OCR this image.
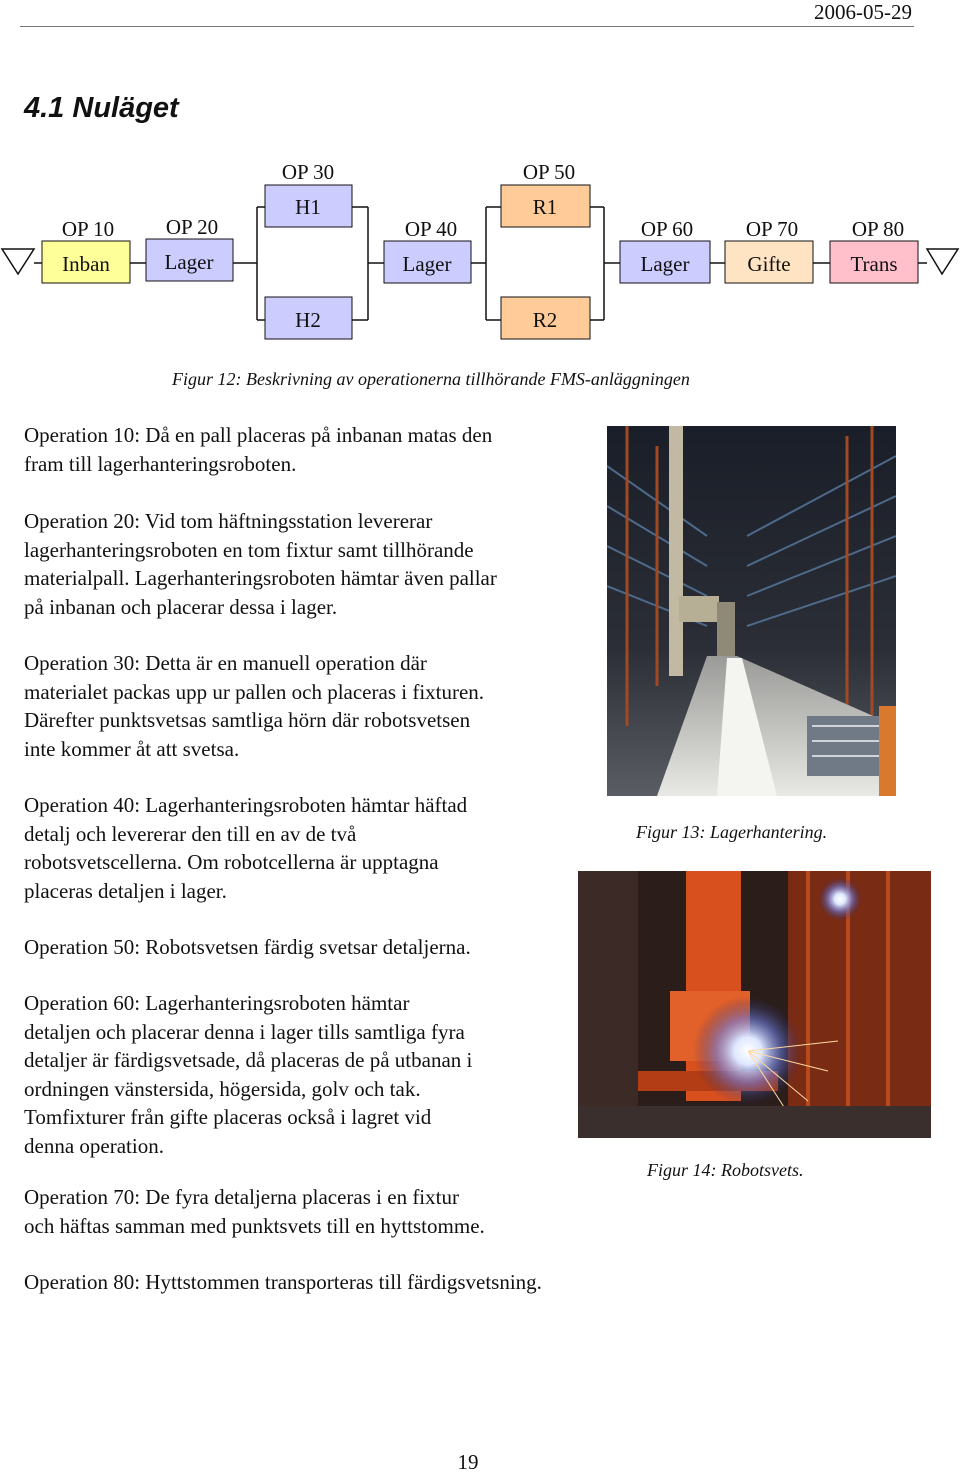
2006-05-29
4.1 Nuläget
Inban	Lager
H1
H2
Lager
R1
R2
Lager	Gifte	Trans
OP 10 OP 20
OP 30
OP 40
OP 50
OP 60	OP 70	OP 80
Figur 12: Beskrivning av operationerna tillhörande FMS-anläggningen

Operation 10: Då en pall placeras på inbanan matas den
fram till lagerhanteringsroboten.

Operation 20: Vid tom häftningsstation levererar
lagerhanteringsroboten en tom fixtur samt tillhörande
materialpall. Lagerhanteringsroboten hämtar även pallar
på inbanan och placerar dessa i lager.

Operation 30: Detta är en manuell operation där
materialet packas upp ur pallen och placeras i fixturen.
Därefter punktsvetsas samtliga hörn där robotsvetsen
inte kommer åt att svetsa.

Operation 40: Lagerhanteringsroboten hämtar häftad
detalj och levererar den till en av de två
robotsvetscellerna. Om robotcellerna är upptagna
placeras detaljen i lager.

Operation 50: Robotsvetsen färdig svetsar detaljerna.

Operation 60: Lagerhanteringsroboten hämtar
detaljen och placerar denna i lager tills samtliga fyra
detaljer är färdigsvetsade, då placeras de på utbanan i
ordningen vänstersida, högersida, golv och tak.
Tomfixturer från gifte placeras också i lagret vid
denna operation.

Operation 70: De fyra detaljerna placeras i en fixtur
och häftas samman med punktsvets till en hyttstomme.

Operation 80: Hyttstommen transporteras till färdigsvetsning.

Figur 13: Lagerhantering.
Figur 14: Robotsvets.
19
